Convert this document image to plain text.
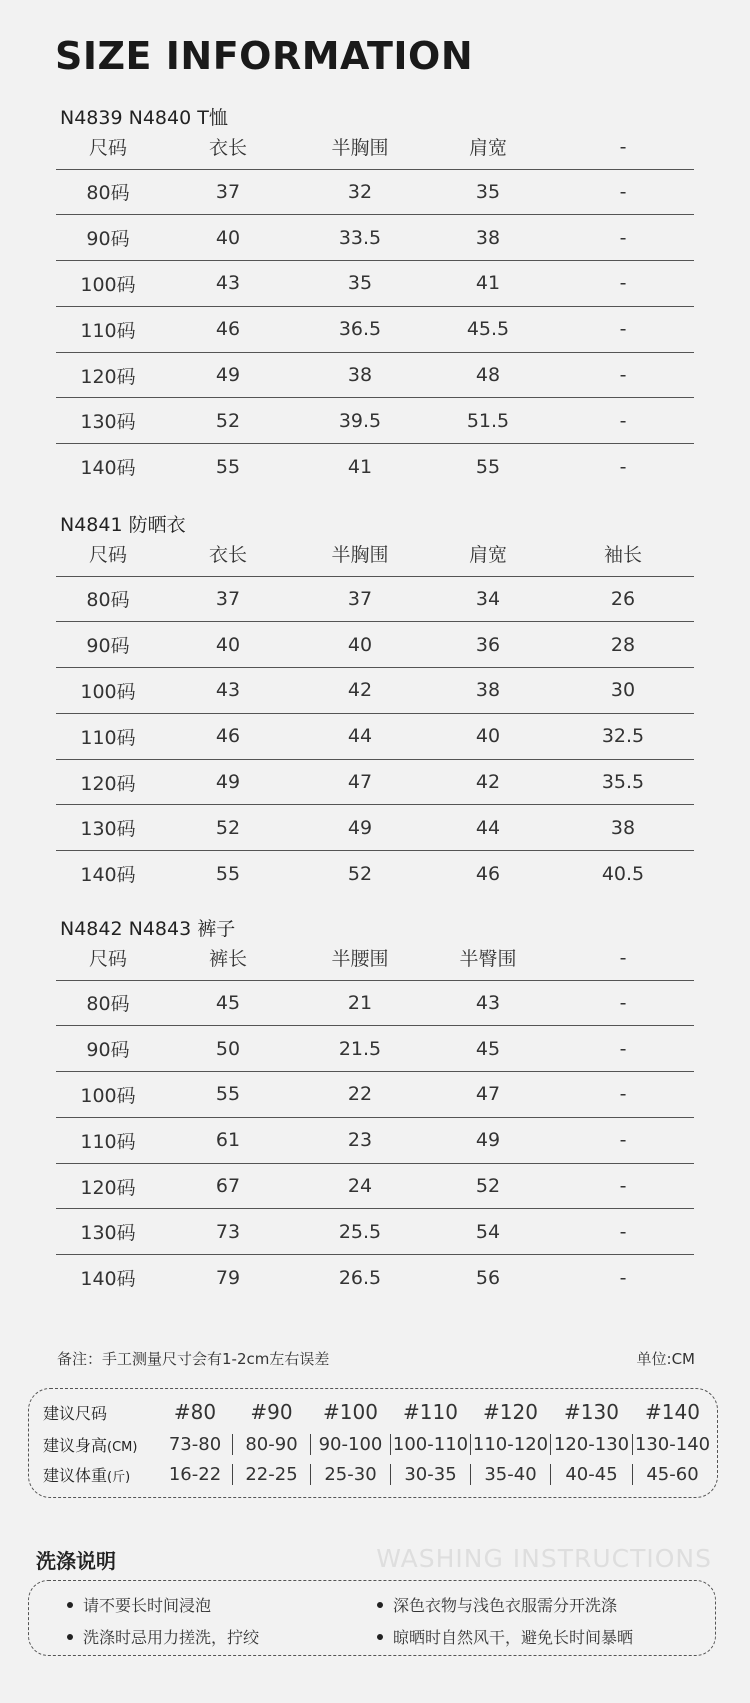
SIZE INFORMATION
N4839 N4840 T恤
尺码	衣长	半胸围	肩宽	-
80码	37	32	35	-
90码	40	33.5	38	-
100码	43	35	41	-
110码	46	36.5	45.5	-
120码	49	38	48	-
130码	52	39.5	51.5	-
140码	55	41	55	-
N4841 防晒衣
尺码	衣长	半胸围	肩宽	袖长
80码	37	37	34	26
90码	40	40	36	28
100码	43	42	38	30
110码	46	44	40	32.5
120码	49	47	42	35.5
130码	52	49	44	38
140码	55	52	46	40.5
N4842 N4843 裤子
尺码	裤长	半腰围	半臀围	-
80码	45	21	43	-
90码	50	21.5	45	-
100码	55	22	47	-
110码	61	23	49	-
120码	67	24	52	-
130码	73	25.5	54	-
140码	79	26.5	56	-
备注：手工测量尺寸会有1-2cm左右误差	单位:CM
建议尺码	#80	#90	#100	#110	#120	#130	#140
建议身高(CM)	73-80	80-90	90-100 100-110 110-120 120-130 130-140
建议体重(斤)	16-22	22-25	25-30	30-35	35-40	40-45	45-60
洗涤说明	WASHING INSTRUCTIONS
请不要长时间浸泡	深色衣物与浅色衣服需分开洗涤
洗涤时忌用力搓洗，拧绞	晾晒时自然风干，避免长时间暴晒
